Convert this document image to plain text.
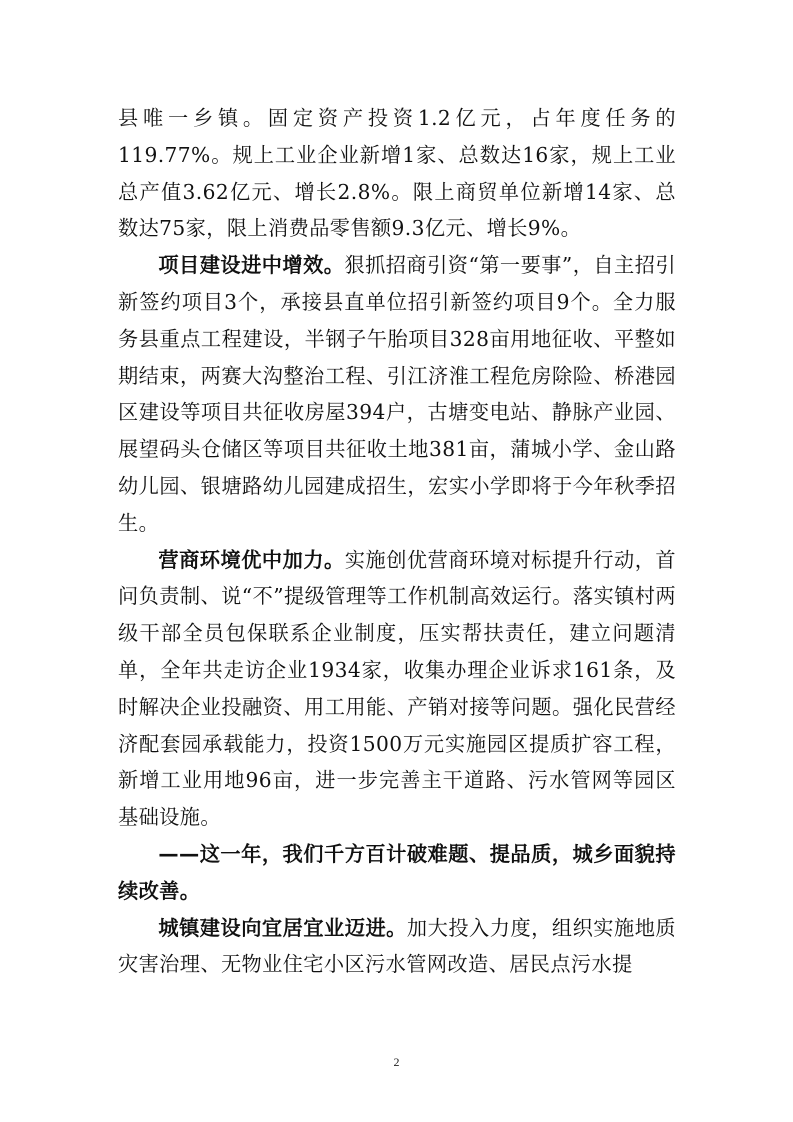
县唯一乡镇。固定资产投资1.2亿元，占年度任务的119.77%。规上工业企业新增1家、总数达16家，规上工业总产值3.62亿元、增长2.8%。限上商贸单位新增14家、总数达75家，限上消费品零售额9.3亿元、增长9%。

项目建设进中增效。狠抓招商引资“第一要事”，自主招引新签约项目3个，承接县直单位招引新签约项目9个。全力服务县重点工程建设，半钢子午胎项目328亩用地征收、平整如期结束，两赛大沟整治工程、引江济淮工程危房除险、桥港园区建设等项目共征收房屋394户，古塘变电站、静脉产业园、展望码头仓储区等项目共征收土地381亩，蒲城小学、金山路幼儿园、银塘路幼儿园建成招生，宏实小学即将于今年秋季招生。

营商环境优中加力。实施创优营商环境对标提升行动，首问负责制、说“不”提级管理等工作机制高效运行。落实镇村两级干部全员包保联系企业制度，压实帮扶责任，建立问题清单，全年共走访企业1934家，收集办理企业诉求161条，及时解决企业投融资、用工用能、产销对接等问题。强化民营经济配套园承载能力，投资1500万元实施园区提质扩容工程，新增工业用地96亩，进一步完善主干道路、污水管网等园区基础设施。

——这一年，我们千方百计破难题、提品质，城乡面貌持续改善。

城镇建设向宜居宜业迈进。加大投入力度，组织实施地质灾害治理、无物业住宅小区污水管网改造、居民点污水提

2
